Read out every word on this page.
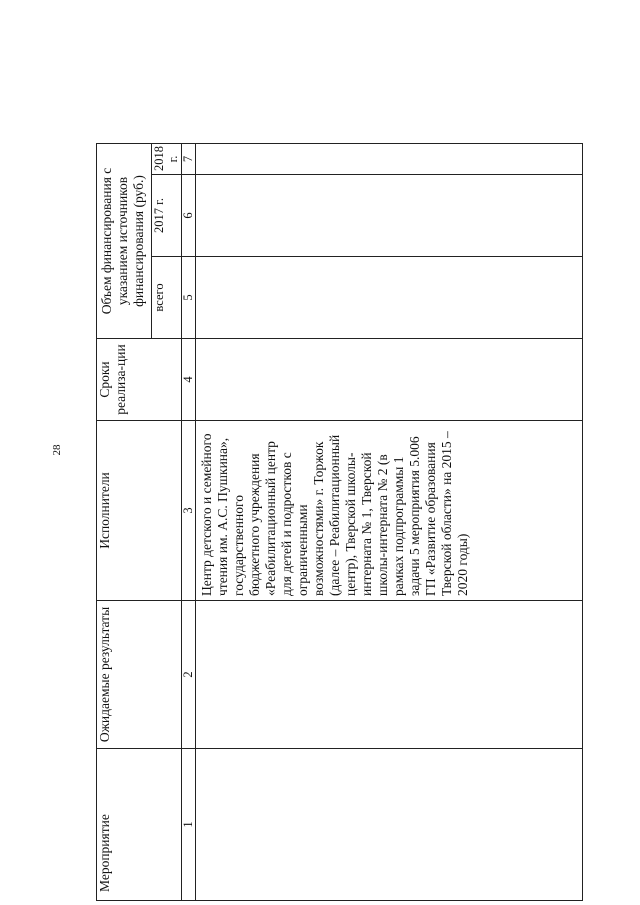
28
Мероприятие	Ожидаемые результаты	Исполнители	Сроки реализа-ции	Объем финансирования с указанием источников финансирования (руб.)		
				всего	2017 г.	2018 г.
1	2	3	4	5	6	7
		Центр детского и семейного чтения им. А.С. Пушкина», государственного бюджетного учреждения «Реабилитационный центр для детей и подростков с ограниченными возможностями» г. Торжок (далее – Реабилитационный центр), Тверской школы-интерната № 1, Тверской школы-интерната № 2 (в рамках подпрограммы 1 задачи 5 мероприятия 5.006 ГП «Развитие образования Тверской области» на 2015 – 2020 годы)				
